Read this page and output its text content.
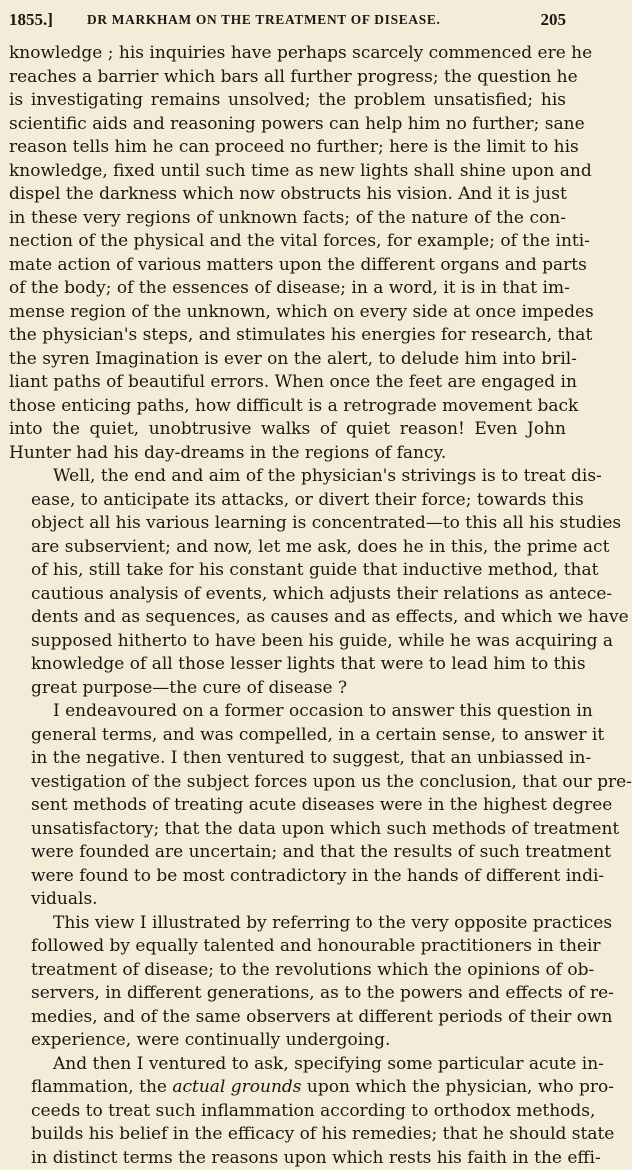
1855.]	DR MARKHAM ON THE TREATMENT OF DISEASE.	205

knowledge ; his inquiries have perhaps scarcely commenced ere he
reaches a barrier which bars all further progress; the question he
is investigating remains unsolved; the problem unsatisfied; his
scientific aids and reasoning powers can help him no further; sane
reason tells him he can proceed no further; here is the limit to his
knowledge, fixed until such time as new lights shall shine upon and
dispel the darkness which now obstructs his vision. And it is just
in these very regions of unknown facts; of the nature of the con-
nection of the physical and the vital forces, for example; of the inti-
mate action of various matters upon the different organs and parts
of the body; of the essences of disease; in a word, it is in that im-
mense region of the unknown, which on every side at once impedes
the physician's steps, and stimulates his energies for research, that
the syren Imagination is ever on the alert, to delude him into bril-
liant paths of beautiful errors. When once the feet are engaged in
those enticing paths, how difficult is a retrograde movement back
into the quiet, unobtrusive walks of quiet reason! Even John
Hunter had his day-dreams in the regions of fancy.

Well, the end and aim of the physician's strivings is to treat dis-
ease, to anticipate its attacks, or divert their force; towards this
object all his various learning is concentrated—to this all his studies
are subservient; and now, let me ask, does he in this, the prime act
of his, still take for his constant guide that inductive method, that
cautious analysis of events, which adjusts their relations as antece-
dents and as sequences, as causes and as effects, and which we have
supposed hitherto to have been his guide, while he was acquiring a
knowledge of all those lesser lights that were to lead him to this
great purpose—the cure of disease ?

I endeavoured on a former occasion to answer this question in
general terms, and was compelled, in a certain sense, to answer it
in the negative. I then ventured to suggest, that an unbiassed in-
vestigation of the subject forces upon us the conclusion, that our pre-
sent methods of treating acute diseases were in the highest degree
unsatisfactory; that the data upon which such methods of treatment
were founded are uncertain; and that the results of such treatment
were found to be most contradictory in the hands of different indi-
viduals.

This view I illustrated by referring to the very opposite practices
followed by equally talented and honourable practitioners in their
treatment of disease; to the revolutions which the opinions of ob-
servers, in different generations, as to the powers and effects of re-
medies, and of the same observers at different periods of their own
experience, were continually undergoing.

And then I ventured to ask, specifying some particular acute in-
flammation, the actual grounds upon which the physician, who pro-
ceeds to treat such inflammation according to orthodox methods,
builds his belief in the efficacy of his remedies; that he should state
in distinct terms the reasons upon which rests his faith in the effi-
